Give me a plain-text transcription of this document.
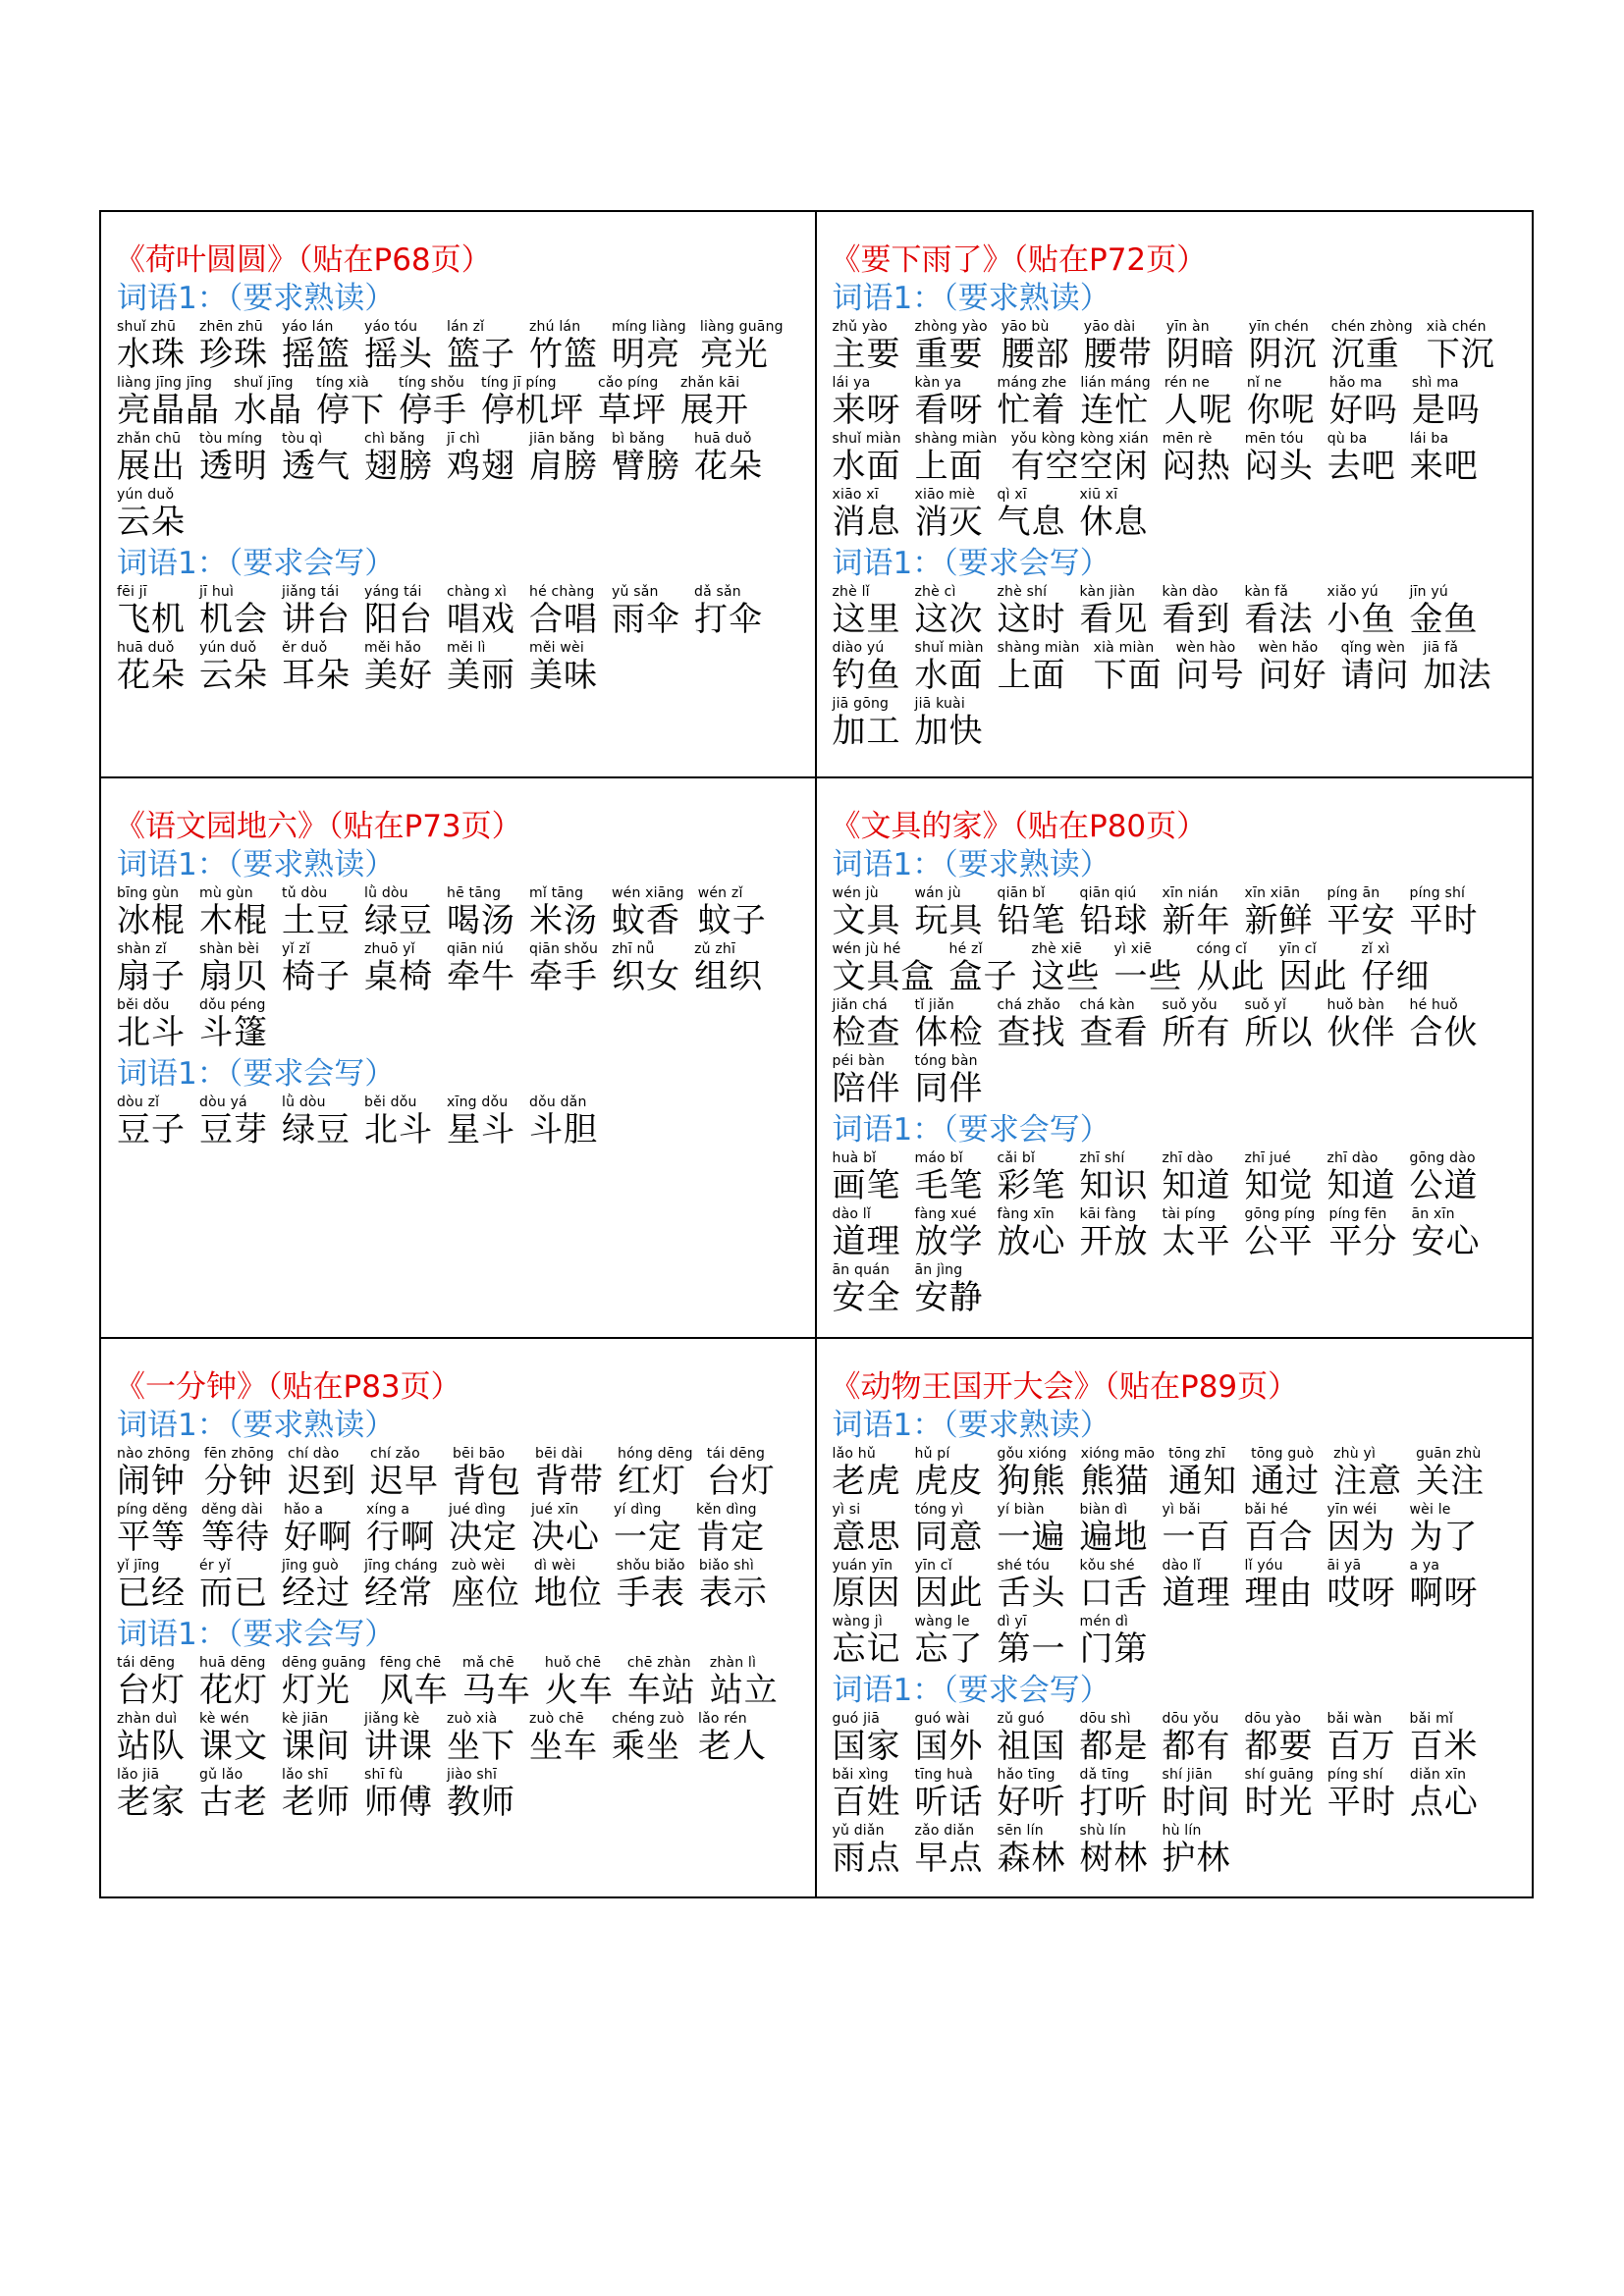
《荷叶圆圆》（贴在P68页）
词语1：（要求熟读）
shuǐ zhū
水珠
zhēn zhū
珍珠
yáo lán
摇篮
yáo tóu
摇头
lán zǐ
篮子
zhú lán
竹篮
míng liàng
明亮
liàng guāng
亮光
liàng jīng jīng
亮晶晶
shuǐ jīng
水晶
tíng xià
停下
tíng shǒu
停手
tíng jī píng
停机坪
cǎo píng
草坪
zhǎn kāi
展开
zhǎn chū
展出
tòu míng
透明
tòu qì
透气
chì bǎng
翅膀
jī chì
鸡翅
jiān bǎng
肩膀
bì bǎng
臂膀
huā duǒ
花朵
yún duǒ
云朵
词语1：（要求会写）
fēi jī
飞机
jī huì
机会
jiǎng tái
讲台
yáng tái
阳台
chàng xì
唱戏
hé chàng
合唱
yǔ sǎn
雨伞
dǎ sǎn
打伞
huā duǒ
花朵
yún duǒ
云朵
ěr duǒ
耳朵
měi hǎo
美好
měi lì
美丽
měi wèi
美味
《要下雨了》（贴在P72页）
词语1：（要求熟读）
zhǔ yào
主要
zhòng yào
重要
yāo bù
腰部
yāo dài
腰带
yīn àn
阴暗
yīn chén
阴沉
chén zhòng
沉重
xià chén
下沉
lái ya
来呀
kàn ya
看呀
máng zhe
忙着
lián máng
连忙
rén ne
人呢
nǐ ne
你呢
hǎo ma
好吗
shì ma
是吗
shuǐ miàn
水面
shàng miàn
上面
yǒu kòng kòng xián
有空空闲
mēn rè
闷热
mēn tóu
闷头
qù ba
去吧
lái ba
来吧
xiāo xī
消息
xiāo miè
消灭
qì xī
气息
xiū xī
休息
词语1：（要求会写）
zhè lǐ
这里
zhè cì
这次
zhè shí
这时
kàn jiàn
看见
kàn dào
看到
kàn fǎ
看法
xiǎo yú
小鱼
jīn yú
金鱼
diào yú
钓鱼
shuǐ miàn
水面
shàng miàn
上面
xià miàn
下面
wèn hào
问号
wèn hǎo
问好
qǐng wèn
请问
jiā fǎ
加法
jiā gōng
加工
jiā kuài
加快
《语文园地六》（贴在P73页）
词语1：（要求熟读）
bīng gùn
冰棍
mù gùn
木棍
tǔ dòu
土豆
lǜ dòu
绿豆
hē tāng
喝汤
mǐ tāng
米汤
wén xiāng
蚊香
wén zǐ
蚊子
shàn zǐ
扇子
shàn bèi
扇贝
yǐ zǐ
椅子
zhuō yǐ
桌椅
qiān niú
牵牛
qiān shǒu
牵手
zhī nǚ
织女
zǔ zhī
组织
běi dǒu
北斗
dǒu péng
斗篷
词语1：（要求会写）
dòu zǐ
豆子
dòu yá
豆芽
lǜ dòu
绿豆
běi dǒu
北斗
xīng dǒu
星斗
dǒu dǎn
斗胆
《文具的家》（贴在P80页）
词语1：（要求熟读）
wén jù
文具
wán jù
玩具
qiān bǐ
铅笔
qiān qiú
铅球
xīn nián
新年
xīn xiān
新鲜
píng ān
平安
píng shí
平时
wén jù hé
文具盒
hé zǐ
盒子
zhè xiē
这些
yì xiē
一些
cóng cǐ
从此
yīn cǐ
因此
zǐ xì
仔细
jiǎn chá
检查
tǐ jiǎn
体检
chá zhǎo
查找
chá kàn
查看
suǒ yǒu
所有
suǒ yǐ
所以
huǒ bàn
伙伴
hé huǒ
合伙
péi bàn
陪伴
tóng bàn
同伴
词语1：（要求会写）
huà bǐ
画笔
máo bǐ
毛笔
cǎi bǐ
彩笔
zhī shí
知识
zhī dào
知道
zhī jué
知觉
zhī dào
知道
gōng dào
公道
dào lǐ
道理
fàng xué
放学
fàng xīn
放心
kāi fàng
开放
tài píng
太平
gōng píng
公平
píng fēn
平分
ān xīn
安心
ān quán
安全
ān jìng
安静
《一分钟》（贴在P83页）
词语1：（要求熟读）
nào zhōng
闹钟
fēn zhōng
分钟
chí dào
迟到
chí zǎo
迟早
bēi bāo
背包
bēi dài
背带
hóng dēng
红灯
tái dēng
台灯
píng děng
平等
děng dài
等待
hǎo a
好啊
xíng a
行啊
jué dìng
决定
jué xīn
决心
yí dìng
一定
kěn dìng
肯定
yǐ jīng
已经
ér yǐ
而已
jīng guò
经过
jīng cháng
经常
zuò wèi
座位
dì wèi
地位
shǒu biǎo
手表
biǎo shì
表示
词语1：（要求会写）
tái dēng
台灯
huā dēng
花灯
dēng guāng
灯光
fēng chē
风车
mǎ chē
马车
huǒ chē
火车
chē zhàn
车站
zhàn lì
站立
zhàn duì
站队
kè wén
课文
kè jiān
课间
jiǎng kè
讲课
zuò xià
坐下
zuò chē
坐车
chéng zuò
乘坐
lǎo rén
老人
lǎo jiā
老家
gǔ lǎo
古老
lǎo shī
老师
shī fù
师傅
jiào shī
教师
《动物王国开大会》（贴在P89页）
词语1：（要求熟读）
lǎo hǔ
老虎
hǔ pí
虎皮
gǒu xióng
狗熊
xióng māo
熊猫
tōng zhī
通知
tōng guò
通过
zhù yì
注意
guān zhù
关注
yì si
意思
tóng yì
同意
yí biàn
一遍
biàn dì
遍地
yì bǎi
一百
bǎi hé
百合
yīn wéi
因为
wèi le
为了
yuán yīn
原因
yīn cǐ
因此
shé tóu
舌头
kǒu shé
口舌
dào lǐ
道理
lǐ yóu
理由
āi yā
哎呀
a ya
啊呀
wàng jì
忘记
wàng le
忘了
dì yī
第一
mén dì
门第
词语1：（要求会写）
guó jiā
国家
guó wài
国外
zǔ guó
祖国
dōu shì
都是
dōu yǒu
都有
dōu yào
都要
bǎi wàn
百万
bǎi mǐ
百米
bǎi xìng
百姓
tīng huà
听话
hǎo tīng
好听
dǎ tīng
打听
shí jiān
时间
shí guāng
时光
píng shí
平时
diǎn xīn
点心
yǔ diǎn
雨点
zǎo diǎn
早点
sēn lín
森林
shù lín
树林
hù lín
护林
